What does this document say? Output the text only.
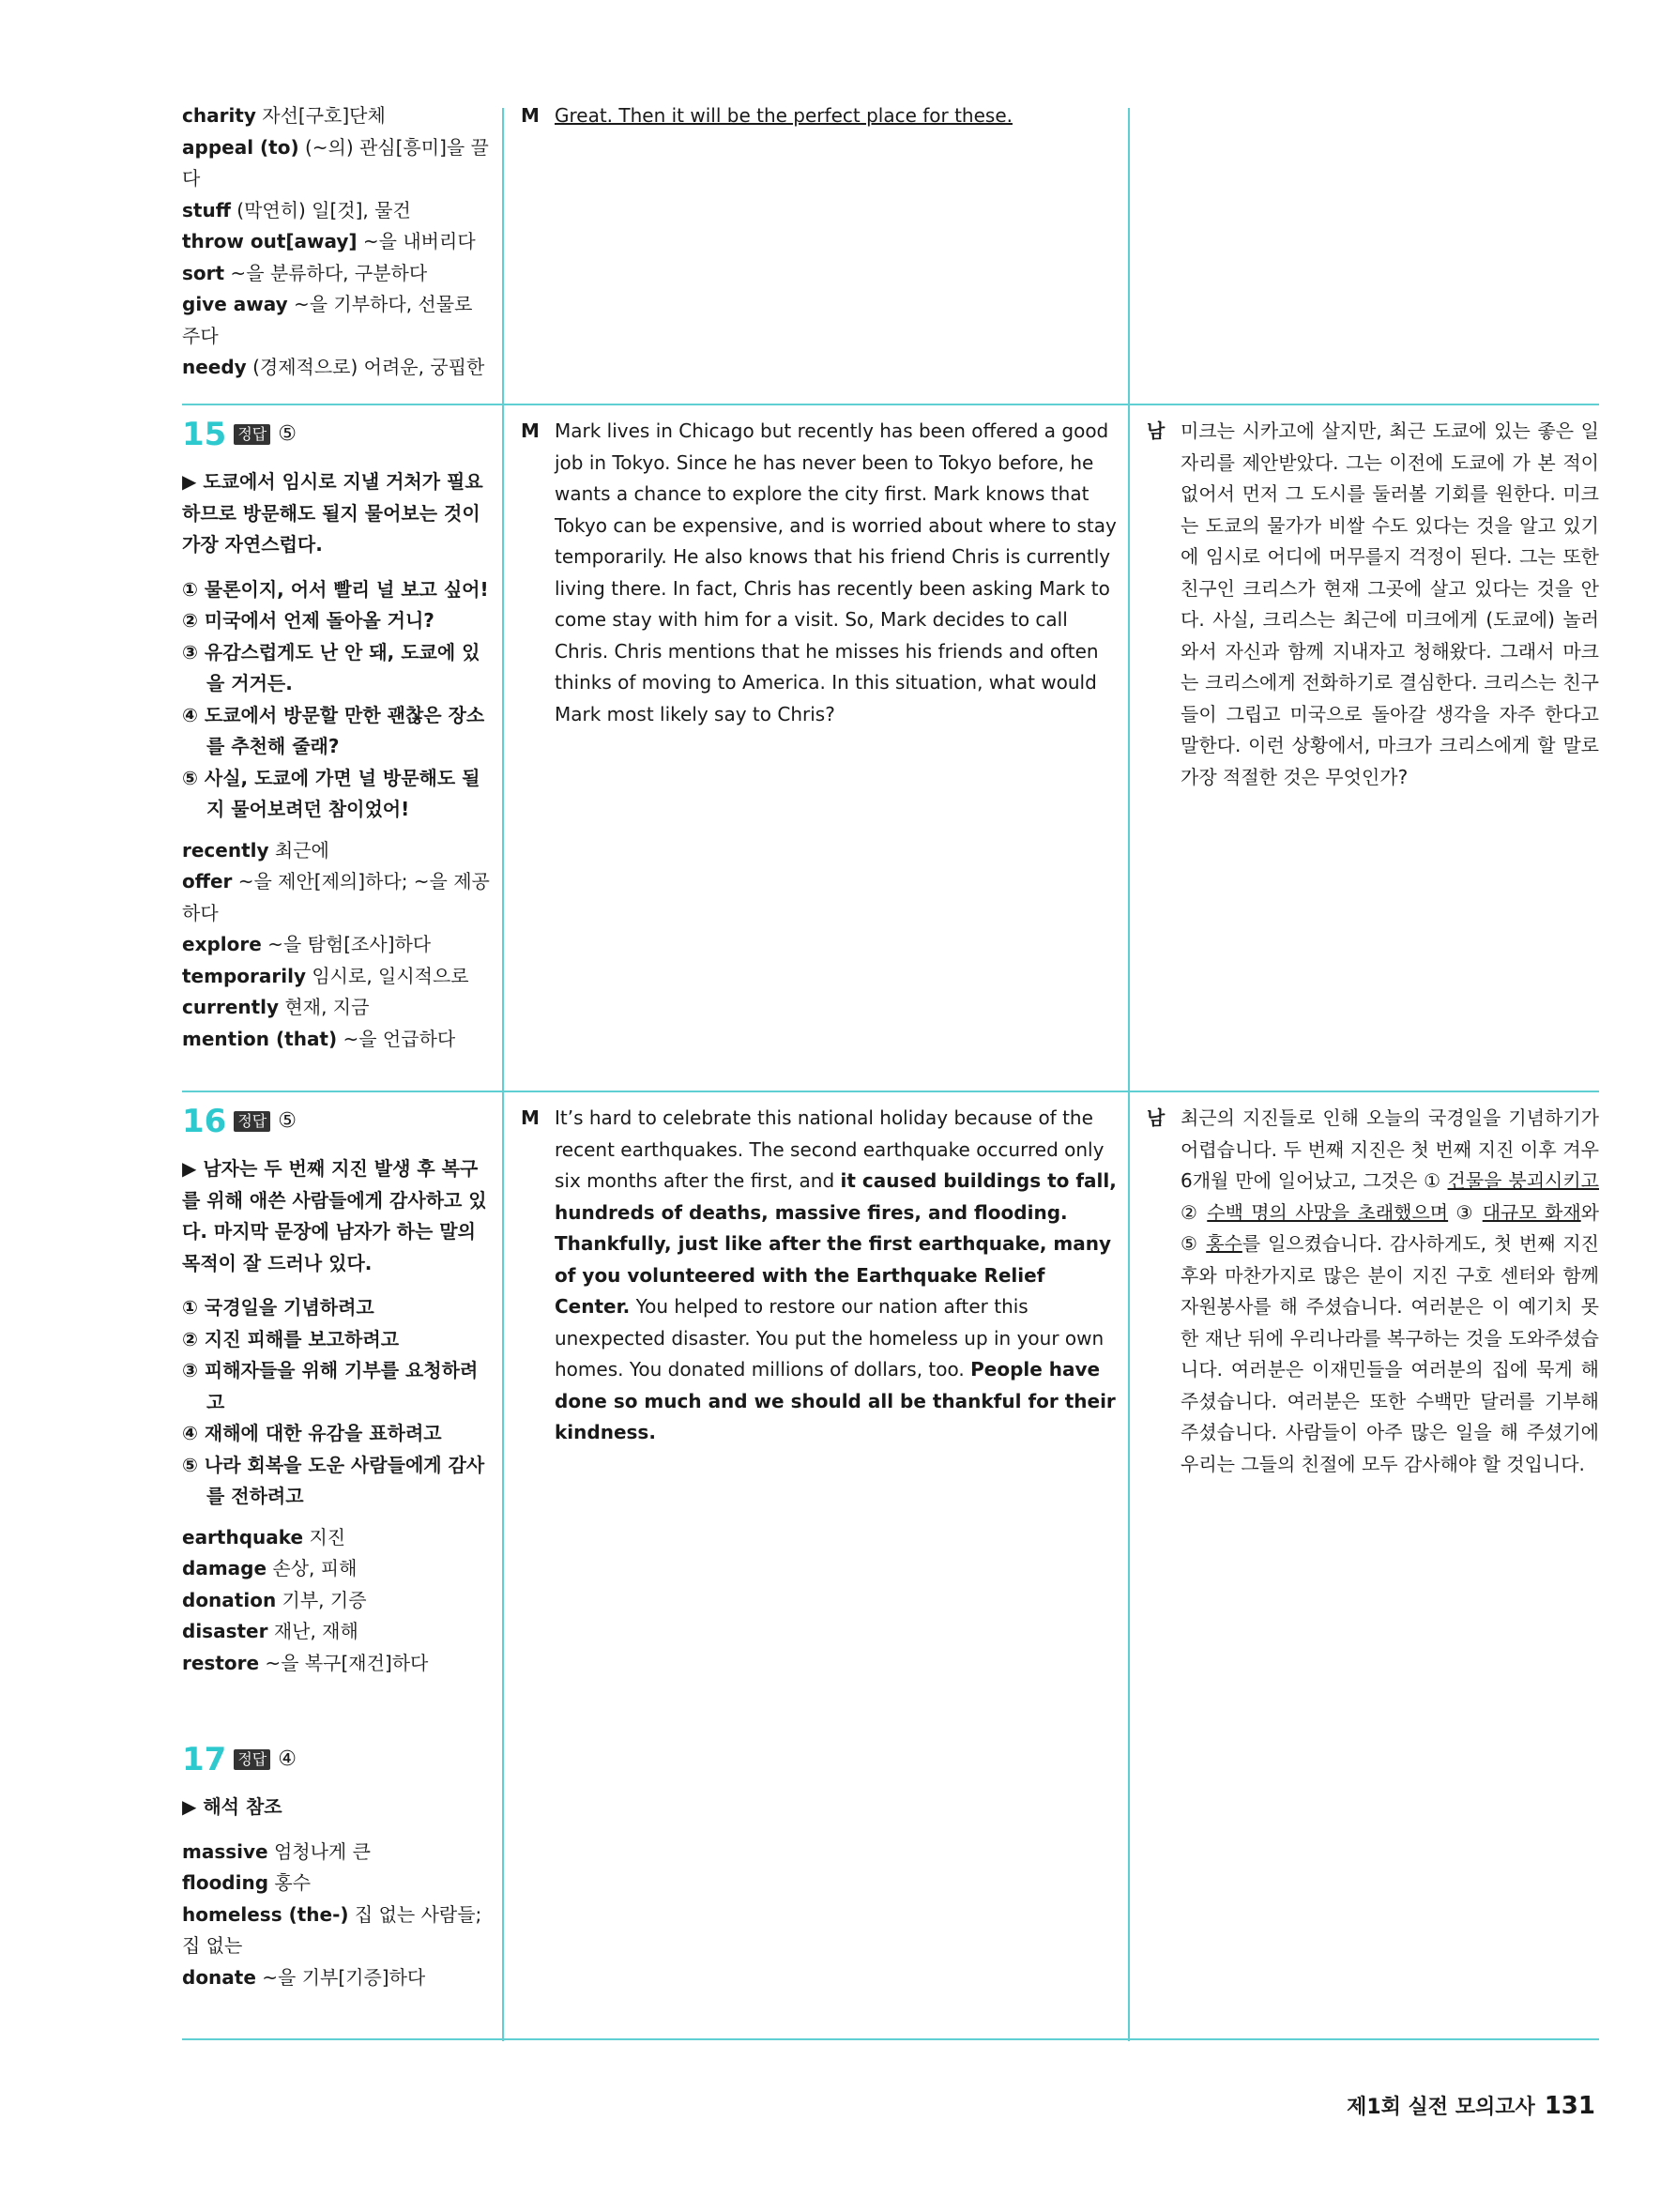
charity 자선[구호]단체
appeal (to) (~의) 관심[흥미]을 끌다
stuff (막연히) 일[것], 물건
throw out[away] ~을 내버리다
sort ~을 분류하다, 구분하다
give away ~을 기부하다, 선물로 주다
needy (경제적으로) 어려운, 궁핍한
M Great. Then it will be the perfect place for these.
15 정답 ⑤
▶ 도쿄에서 임시로 지낼 거처가 필요하므로 방문해도 될지 물어보는 것이 가장 자연스럽다.
① 물론이지, 어서 빨리 널 보고 싶어!
② 미국에서 언제 돌아올 거니?
③ 유감스럽게도 난 안 돼, 도쿄에 있을 거거든.
④ 도쿄에서 방문할 만한 괜찮은 장소를 추천해 줄래?
⑤ 사실, 도쿄에 가면 널 방문해도 될지 물어보려던 참이었어!
recently 최근에
offer ~을 제안[제의]하다; ~을 제공하다
explore ~을 탐험[조사]하다
temporarily 임시로, 일시적으로
currently 현재, 지금
mention (that) ~을 언급하다
M Mark lives in Chicago but recently has been offered a good job in Tokyo. Since he has never been to Tokyo before, he wants a chance to explore the city first. Mark knows that Tokyo can be expensive, and is worried about where to stay temporarily. He also knows that his friend Chris is currently living there. In fact, Chris has recently been asking Mark to come stay with him for a visit. So, Mark decides to call Chris. Chris mentions that he misses his friends and often thinks of moving to America. In this situation, what would Mark most likely say to Chris?
남 미크는 시카고에 살지만, 최근 도쿄에 있는 좋은 일자리를 제안받았다. 그는 이전에 도쿄에 가 본 적이 없어서 먼저 그 도시를 둘러볼 기회를 원한다. 미크는 도쿄의 물가가 비쌀 수도 있다는 것을 알고 있기에 임시로 어디에 머무를지 걱정이 된다. 그는 또한 친구인 크리스가 현재 그곳에 살고 있다는 것을 안다. 사실, 크리스는 최근에 미크에게 (도쿄에) 놀러 와서 자신과 함께 지내자고 청해왔다. 그래서 마크는 크리스에게 전화하기로 결심한다. 크리스는 친구들이 그립고 미국으로 돌아갈 생각을 자주 한다고 말한다. 이런 상황에서, 마크가 크리스에게 할 말로 가장 적절한 것은 무엇인가?
16 정답 ⑤
▶ 남자는 두 번째 지진 발생 후 복구를 위해 애쓴 사람들에게 감사하고 있다. 마지막 문장에 남자가 하는 말의 목적이 잘 드러나 있다.
① 국경일을 기념하려고
② 지진 피해를 보고하려고
③ 피해자들을 위해 기부를 요청하려고
④ 재해에 대한 유감을 표하려고
⑤ 나라 회복을 도운 사람들에게 감사를 전하려고
earthquake 지진
damage 손상, 피해
donation 기부, 기증
disaster 재난, 재해
restore ~을 복구[재건]하다
17 정답 ④
▶ 해석 참조
massive 엄청나게 큰
flooding 홍수
homeless (the-) 집 없는 사람들; 집 없는
donate ~을 기부[기증]하다
M It’s hard to celebrate this national holiday because of the recent earthquakes. The second earthquake occurred only six months after the first, and it caused buildings to fall, hundreds of deaths, massive fires, and flooding. Thankfully, just like after the first earthquake, many of you volunteered with the Earthquake Relief Center. You helped to restore our nation after this unexpected disaster. You put the homeless up in your own homes. You donated millions of dollars, too. People have done so much and we should all be thankful for their kindness.
남 최근의 지진들로 인해 오늘의 국경일을 기념하기가 어렵습니다. 두 번째 지진은 첫 번째 지진 이후 겨우 6개월 만에 일어났고, 그것은 ① 건물을 붕괴시키고 ② 수백 명의 사망을 초래했으며 ③ 대규모 화재와 ⑤ 홍수를 일으켰습니다. 감사하게도, 첫 번째 지진 후와 마찬가지로 많은 분이 지진 구호 센터와 함께 자원봉사를 해 주셨습니다. 여러분은 이 예기치 못한 재난 뒤에 우리나라를 복구하는 것을 도와주셨습니다. 여러분은 이재민들을 여러분의 집에 묵게 해 주셨습니다. 여러분은 또한 수백만 달러를 기부해 주셨습니다. 사람들이 아주 많은 일을 해 주셨기에 우리는 그들의 친절에 모두 감사해야 할 것입니다.
제1회 실전 모의고사 131
